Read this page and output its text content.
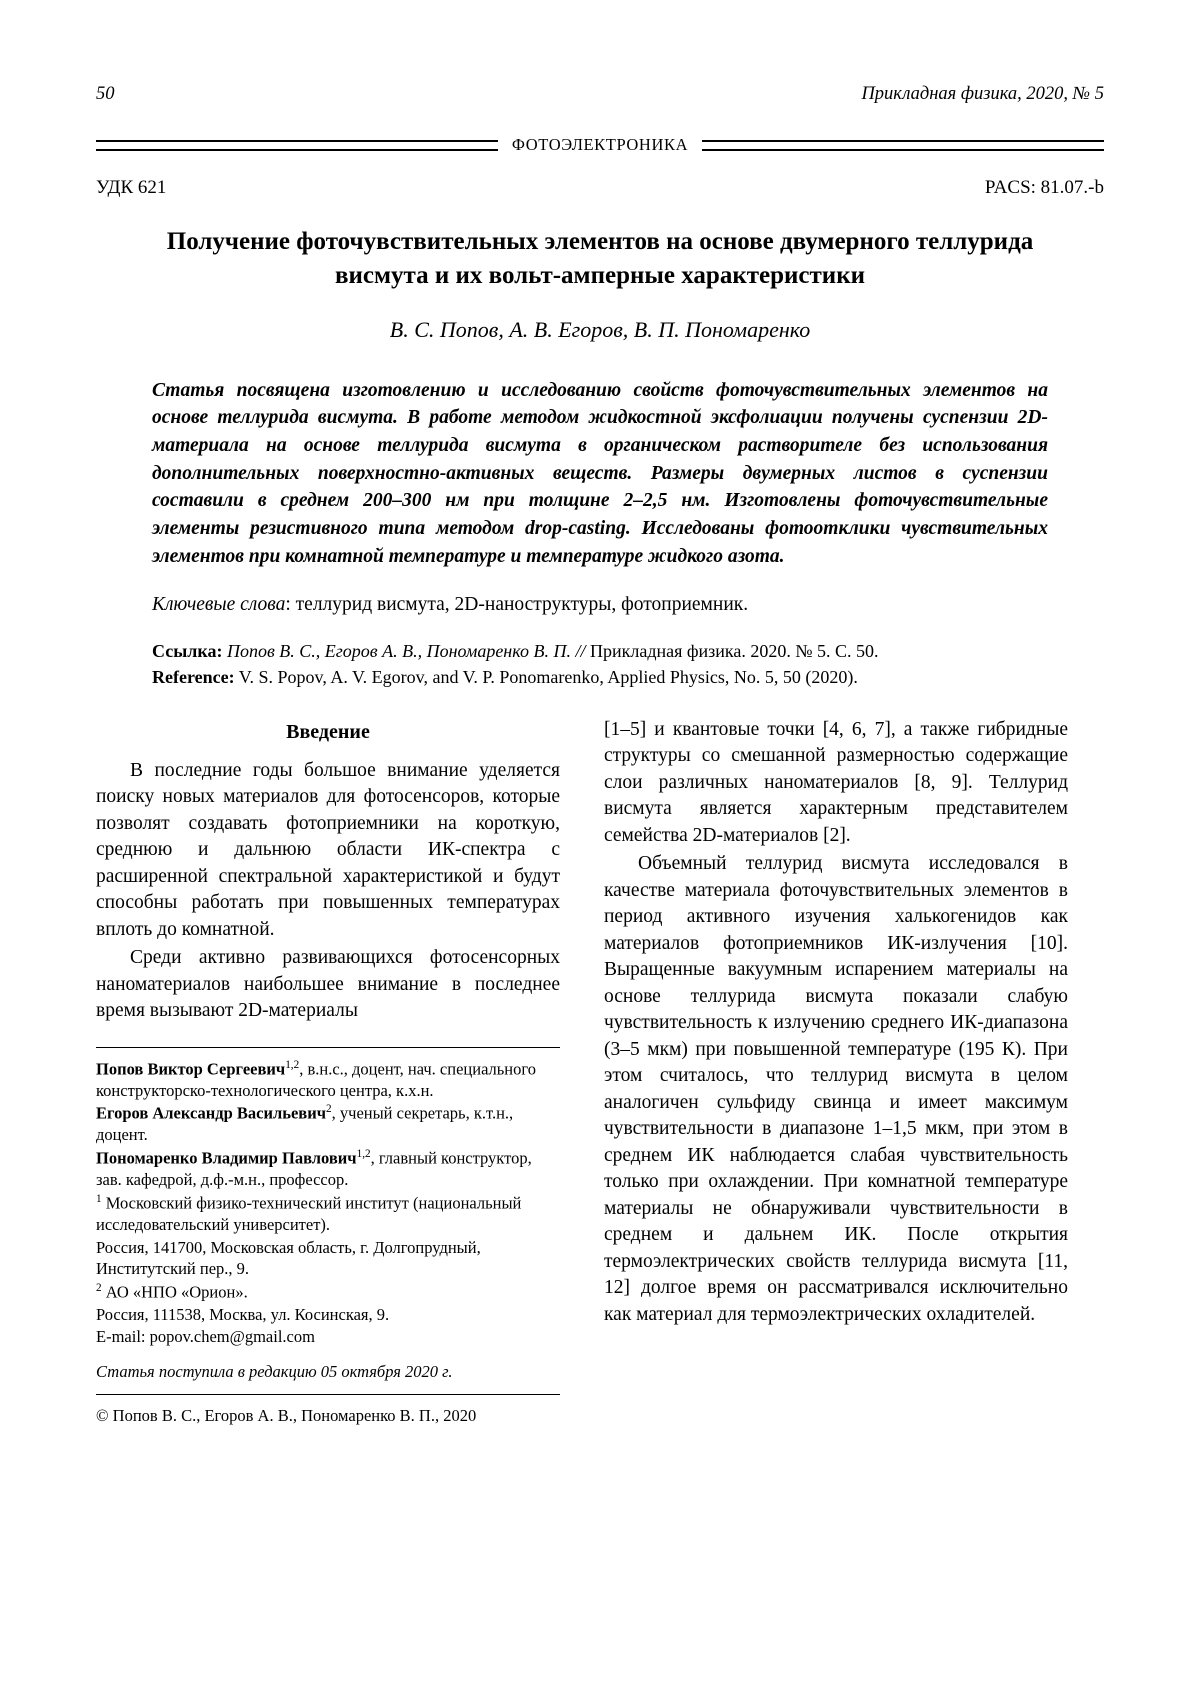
50	Прикладная физика, 2020, № 5
ФОТОЭЛЕКТРОНИКА
УДК 621	PACS: 81.07.-b
Получение фоточувствительных элементов на основе двумерного теллурида висмута и их вольт-амперные характеристики
В. С. Попов, А. В. Егоров, В. П. Пономаренко
Статья посвящена изготовлению и исследованию свойств фоточувствительных элементов на основе теллурида висмута. В работе методом жидкостной эксфолиации получены суспензии 2D-материала на основе теллурида висмута в органическом растворителе без использования дополнительных поверхностно-активных веществ. Размеры двумерных листов в суспензии составили в среднем 200–300 нм при толщине 2–2,5 нм. Изготовлены фоточувствительные элементы резистивного типа методом drop-casting. Исследованы фотоотклики чувствительных элементов при комнатной температуре и температуре жидкого азота.
Ключевые слова: теллурид висмута, 2D-наноструктуры, фотоприемник.
Ссылка: Попов В. С., Егоров А. В., Пономаренко В. П. // Прикладная физика. 2020. № 5. С. 50.
Reference: V. S. Popov, A. V. Egorov, and V. P. Ponomarenko, Applied Physics, No. 5, 50 (2020).
Введение

В последние годы большое внимание уделяется поиску новых материалов для фотосенсоров, которые позволят создавать фотоприемники на короткую, среднюю и дальнюю области ИК-спектра с расширенной спектральной характеристикой и будут способны работать при повышенных температурах вплоть до комнатной.

Среди активно развивающихся фотосенсорных наноматериалов наибольшее внимание в последнее время вызывают 2D-материалы

Попов Виктор Сергеевич$^{1,2}$, в.н.с., доцент, нач. специального конструкторско-технологического центра, к.х.н.

Егоров Александр Васильевич$^2$, ученый секретарь, к.т.н., доцент.

Пономаренко Владимир Павлович$^{1,2}$, главный конструктор, зав. кафедрой, д.ф.-м.н., профессор.

$^1$ Московский физико-технический институт (национальный исследовательский университет).

Россия, 141700, Московская область, г. Долгопрудный, Институтский пер., 9.

$^2$ АО «НПО «Орион».

Россия, 111538, Москва, ул. Косинская, 9.

E-mail: popov.chem@gmail.com

Статья поступила в редакцию 05 октября 2020 г.
© Попов В. С., Егоров А. В., Пономаренко В. П., 2020

[1–5] и квантовые точки [4, 6, 7], а также гибридные структуры со смешанной размерностью содержащие слои различных наноматериалов [8, 9]. Теллурид висмута является характерным представителем семейства 2D-материалов [2].

Объемный теллурид висмута исследовался в качестве материала фоточувствительных элементов в период активного изучения халькогенидов как материалов фотоприемников ИК-излучения [10]. Выращенные вакуумным испарением материалы на основе теллурида висмута показали слабую чувствительность к излучению среднего ИК-диапазона (3–5 мкм) при повышенной температуре (195 К). При этом считалось, что теллурид висмута в целом аналогичен сульфиду свинца и имеет максимум чувствительности в диапазоне 1–1,5 мкм, при этом в среднем ИК наблюдается слабая чувствительность только при охлаждении. При комнатной температуре материалы не обнаруживали чувствительности в среднем и дальнем ИК. После открытия термоэлектрических свойств теллурида висмута [11, 12] долгое время он рассматривался исключительно как материал для термоэлектрических охладителей.
